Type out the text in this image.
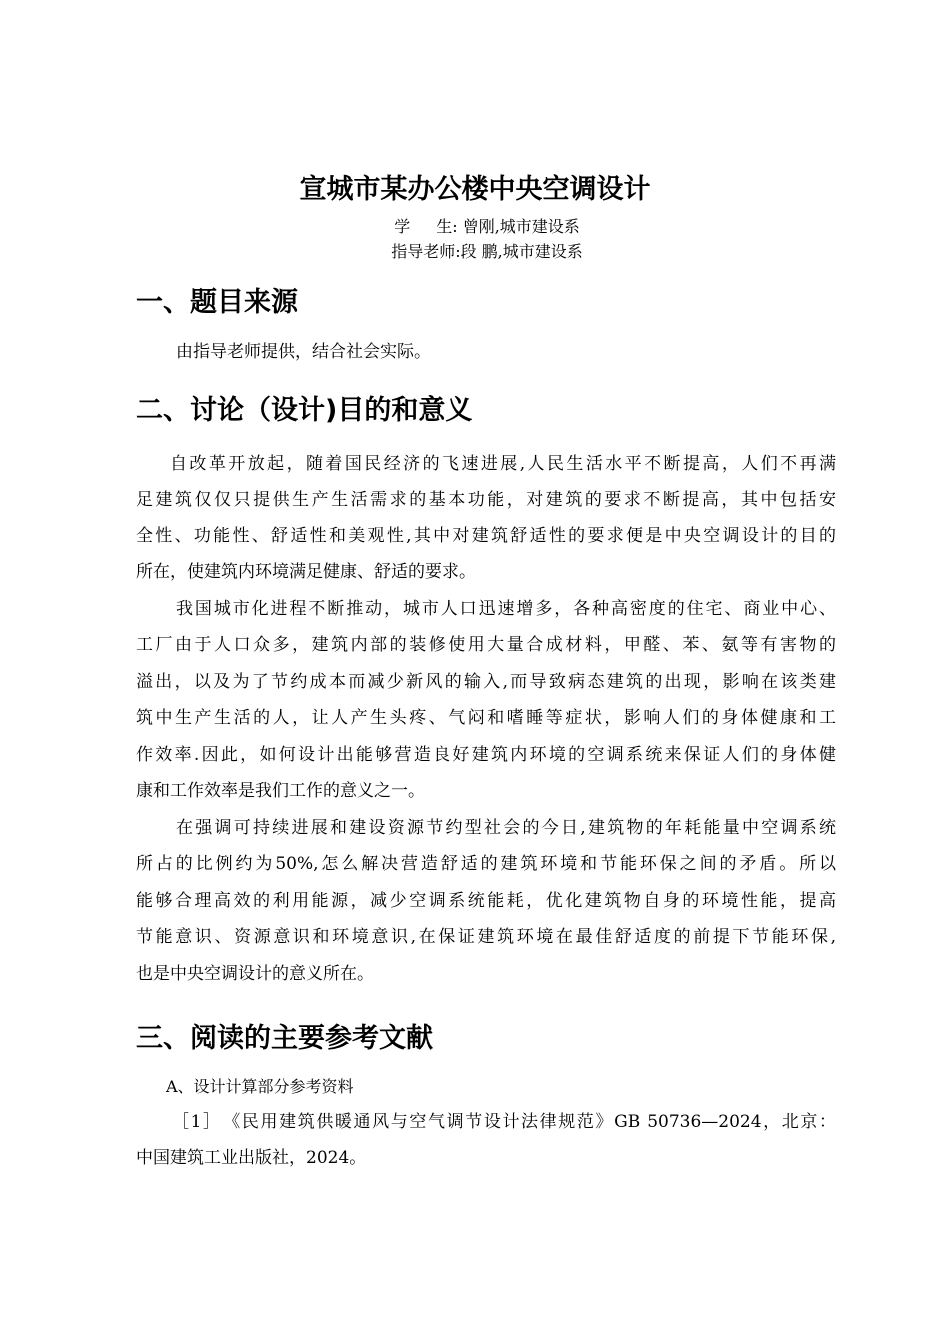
宣城市某办公楼中央空调设计
学 生: 曾刚,城市建设系
指导老师:段 鹏,城市建设系
一、题目来源
由指导老师提供，结合社会实际。
二、讨论（设计)目的和意义
自改革开放起，随着国民经济的飞速进展,人民生活水平不断提高，人们不再满
足建筑仅仅只提供生产生活需求的基本功能，对建筑的要求不断提高，其中包括安
全性、功能性、舒适性和美观性,其中对建筑舒适性的要求便是中央空调设计的目的
所在，使建筑内环境满足健康、舒适的要求。
我国城市化进程不断推动，城市人口迅速增多，各种高密度的住宅、商业中心、
工厂由于人口众多，建筑内部的装修使用大量合成材料，甲醛、苯、氨等有害物的
溢出，以及为了节约成本而减少新风的输入,而导致病态建筑的出现，影响在该类建
筑中生产生活的人，让人产生头疼、气闷和嗜睡等症状，影响人们的身体健康和工
作效率.因此，如何设计出能够营造良好建筑内环境的空调系统来保证人们的身体健
康和工作效率是我们工作的意义之一。
在强调可持续进展和建设资源节约型社会的今日,建筑物的年耗能量中空调系统
所占的比例约为50%,怎么解决营造舒适的建筑环境和节能环保之间的矛盾。所以
能够合理高效的利用能源，减少空调系统能耗，优化建筑物自身的环境性能，提高
节能意识、资源意识和环境意识,在保证建筑环境在最佳舒适度的前提下节能环保,
也是中央空调设计的意义所在。
三、阅读的主要参考文献
A、设计计算部分参考资料
［1］　《民用建筑供暖通风与空气调节设计法律规范》GB 50736—2024，北京：
中国建筑工业出版社，2024。
